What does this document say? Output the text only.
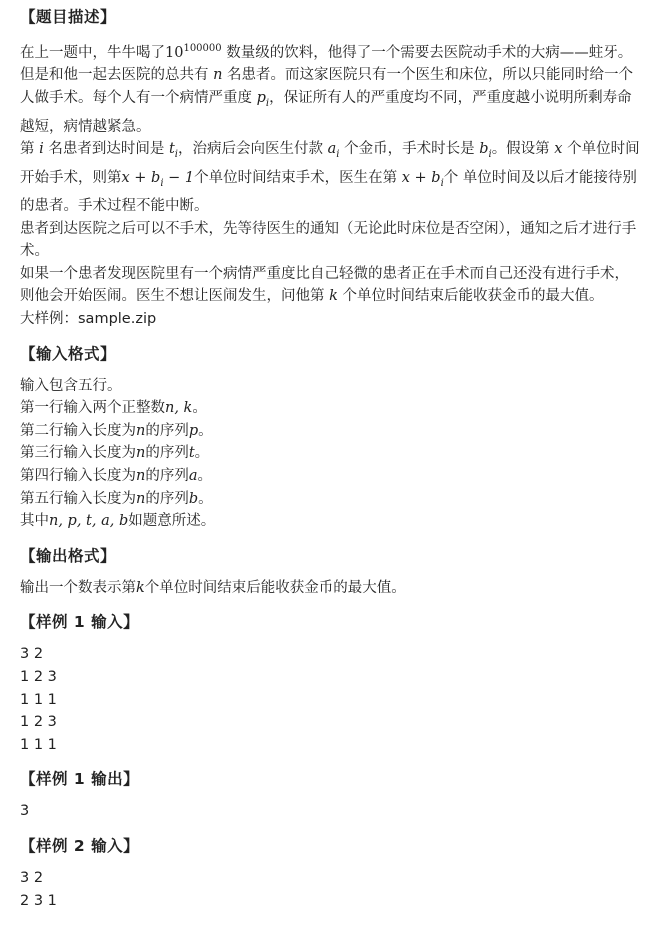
【题目描述】

在上一题中，牛牛喝了$10^{100000}$ 数量级的饮料，他得了一个需要去医院动手术的大病——蛀牙。

但是和他一起去医院的总共有 n 名患者。而这家医院只有一个医生和床位，所以只能同时给一个人做手术。每个人有一个病情严重度 $p_i$，保证所有人的严重度均不同，严重度越小说明所剩寿命越短，病情越紧急。

第 i 名患者到达时间是 $t_i$，治病后会向医生付款 $a_i$ 个金币，手术时长是 $b_i$。假设第 x 个单位时间开始手术，则第$x + b_i - 1$个单位时间结束手术，医生在第 $x + b_i$个 单位时间及以后才能接待别的患者。手术过程不能中断。

患者到达医院之后可以不手术，先等待医生的通知（无论此时床位是否空闲），通知之后才进行手术。

如果一个患者发现医院里有一个病情严重度比自己轻微的患者正在手术而自己还没有进行手术，则他会开始医闹。医生不想让医闹发生，问他第 k 个单位时间结束后能收获金币的最大值。

大样例：sample.zip

【输入格式】

输入包含五行。

第一行输入两个正整数n, k。

第二行输入长度为n的序列p。

第三行输入长度为n的序列t。

第四行输入长度为n的序列a。

第五行输入长度为n的序列b。

其中n, p, t, a, b如题意所述。

【输出格式】

输出一个数表示第k个单位时间结束后能收获金币的最大值。

【样例 1 输入】

3 2

1 2 3

1 1 1

1 2 3

1 1 1

【样例 1 输出】

3

【样例 2 输入】

3 2

2 3 1
